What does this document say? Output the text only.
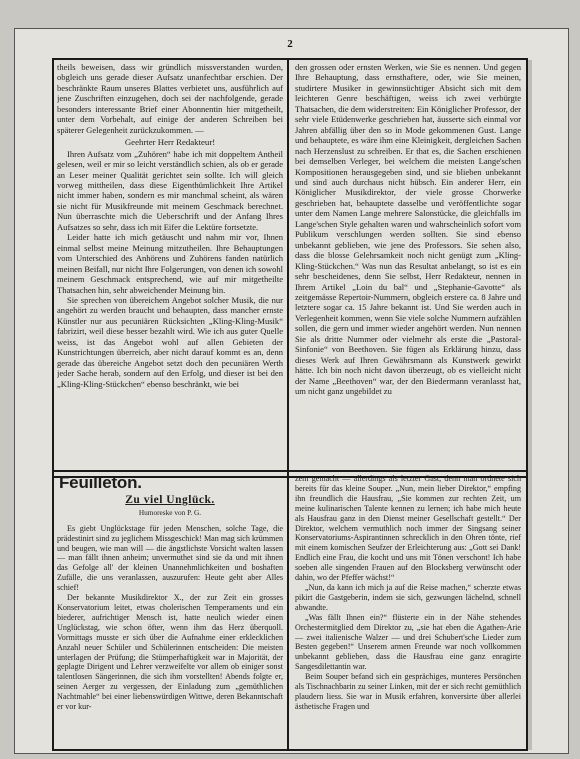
2

theils beweisen, dass wir gründlich missverstanden wurden, obgleich uns gerade dieser Aufsatz unanfechtbar erschien. Der beschränkte Raum unseres Blattes verbietet uns, ausführlich auf jene Zuschriften einzugehen, doch sei der nachfolgende, gerade besonders interessante Brief einer Abonnentin hier mitgetheilt, unter dem Vorbehalt, auf einige der anderen Schreiben bei späterer Gelegenheit zurückzukommen. —

Geehrter Herr Redakteur!

Ihren Aufsatz vom „Zuhören“ habe ich mit doppeltem Antheil gelesen, weil er mir so leicht verständlich schien, als ob er gerade an Leser meiner Qualität gerichtet sein sollte. Ich will gleich vorweg mittheilen, dass diese Eigenthümlichkeit Ihre Artikel nicht immer haben, sondern es mir manchmal scheint, als wären sie nicht für Musikfreunde mit meinem Geschmack berechnet. Nun überraschte mich die Ueberschrift und der Anfang Ihres Aufsatzes so sehr, dass ich mit Eifer die Lektüre fortsetzte.

Leider hatte ich mich getäuscht und nahm mir vor, Ihnen einmal selbst meine Meinung mitzutheilen. Ihre Behauptungen vom Unterschied des Anhörens und Zuhörens fanden natürlich meinen Beifall, nur nicht Ihre Folgerungen, von denen ich sowohl meinem Geschmack entsprechend, wie auf mir mitgetheilte Thatsachen hin, sehr abweichender Meinung bin.

Sie sprechen von übereichem Angebot solcher Musik, die nur angehört zu werden braucht und behaupten, dass mancher ernste Künstler nur aus pecuniären Rücksichten „Kling-Kling-Musik“ fabrizirt, weil diese besser bezahlt wird. Wie ich aus guter Quelle weiss, ist das Angebot wohl auf allen Gebieten der Kunstrichtungen überreich, aber nicht darauf kommt es an, denn gerade das übereiche Angebot setzt doch den pecuniären Werth jeder Sache herab, sondern auf den Erfolg, und dieser ist bei den „Kling-Kling-Stückchen“ ebenso beschränkt, wie bei

den grossen oder ernsten Werken, wie Sie es nennen. Und gegen Ihre Behauptung, dass ernsthaftere, oder, wie Sie meinen, studirtere Musiker in gewinnsüchtiger Absicht sich mit dem leichteren Genre beschäftigen, weiss ich zwei verbürgte Thatsachen, die dem widerstreiten: Ein Königlicher Professor, der sehr viele Etüdenwerke geschrieben hat, äusserte sich einmal vor Jahren abfällig über den so in Mode gekommenen Gust. Lange und behauptete, es wäre ihm eine Kleinigkeit, dergleichen Sachen nach Herzenslust zu schreiben. Er that es, die Sachen erschienen bei demselben Verleger, bei welchem die meisten Lange'schen Kompositionen herausgegeben sind, und sie blieben unbekannt und sind auch durchaus nicht hübsch. Ein anderer Herr, ein Königlicher Musikdirektor, der viele grosse Chorwerke geschrieben hat, behauptete dasselbe und veröffentlichte sogar unter dem Namen Lange mehrere Salonstücke, die gleichfalls im Lange'schen Style gehalten waren und wahrscheinlich sofort vom Publikum verschlungen werden sollten. Sie sind ebenso unbekannt geblieben, wie jene des Professors. Sie sehen also, dass die blosse Gelehrsamkeit noch nicht genügt zum „Kling-Kling-Stückchen.“ Was nun das Resultat anbelangt, so ist es ein sehr bescheidenes, denn Sie selbst, Herr Redakteur, nennen in Ihrem Artikel „Loin du bal“ und „Stephanie-Gavotte“ als zeitgemässe Repertoir-Nummern, obgleich erstere ca. 8 Jahre und letztere sogar ca. 15 Jahre bekannt ist. Und Sie werden auch in Verlegenheit kommen, wenn Sie viele solche Nummern aufzählen sollen, die gern und immer wieder angehört werden. Nun nennen Sie als dritte Nummer oder vielmehr als erste die „Pastoral-Sinfonie“ von Beethoven. Sie fügen als Erklärung hinzu, dass dieses Werk auf Ihren Gewährsmann als Kunstwerk gewirkt hätte. Ich bin noch nicht davon überzeugt, ob es vielleicht nicht der Name „Beethoven“ war, der den Biedermann veranlasst hat, um nicht ganz ungebildet zu

Feuilleton.

Zu viel Unglück.

Humoreske von P. G.

Es giebt Unglückstage für jeden Menschen, solche Tage, die prädestinirt sind zu jeglichem Missgeschick! Man mag sich krümmen und beugen, wie man will — die ängstlichste Vorsicht walten lassen — man fällt ihnen anheim; unvermuthet sind sie da und mit ihnen das Gefolge all' der kleinen Unannehmlichkeiten und boshaften Zufälle, die uns veranlassen, auszurufen: Heute geht aber Alles schief!

Der bekannte Musikdirektor X., der zur Zeit ein grosses Konservatorium leitet, etwas cholerischen Temperaments und ein biederer, aufrichtiger Mensch ist, hatte neulich wieder einen Unglückstag, wie schon öfter, wenn ihm das Herz überquoll. Vormittags musste er sich über die Aufnahme einer erklecklichen Anzahl neuer Schüler und Schülerinnen entscheiden: Die meisten unterlagen der Prüfung; die Stümperhaftigkeit war in Majorität, der geplagte Dirigent und Lehrer verzweifelte vor allem ob einiger sonst talentlosen Sängerinnen, die sich ihm vorstellten! Abends folgte er, seinen Aerger zu vergessen, der Einladung zum „gemüthlichen Nachtmahle“ bei einer liebenswürdigen Wittwe, deren Bekanntschaft er vor kur-

zem gemacht — allerdings als letzter Gast, denn man ordnete sich bereits für das kleine Souper. „Nun, mein lieber Direktor,“ empfing ihn freundlich die Hausfrau, „Sie kommen zur rechten Zeit, um meine kulinarischen Talente kennen zu lernen; ich habe mich heute als Hausfrau ganz in den Dienst meiner Gesellschaft gestellt.“ Der Direktor, welchem vermuthlich noch immer der Singsang seiner Konservatoriums-Aspirantinnen schrecklich in den Ohren tönte, rief mit einem komischen Seufzer der Erleichterung aus: „Gott sei Dank! Endlich eine Frau, die kocht und uns mit Tönen verschont! Ich habe soeben alle singenden Frauen auf den Blocksberg verwünscht oder dahin, wo der Pfeffer wächst!“

„Nun, da kann ich mich ja auf die Reise machen,“ scherzte etwas pikirt die Gastgeberin, indem sie sich, gezwungen lächelnd, schnell abwandte.

„Was fällt Ihnen ein?“ flüsterte ein in der Nähe stehendes Orchestermitglied dem Direktor zu, „sie hat eben die Agathen-Arie — zwei italienische Walzer — und drei Schubert'sche Lieder zum Besten gegeben!“ Unserem armen Freunde war noch vollkommen unbekannt geblieben, dass die Hausfrau eine ganz enragirte Sangesdilettantin war.

Beim Souper befand sich ein gesprächiges, munteres Persönchen als Tischnachbarin zu seiner Linken, mit der er sich recht gemüthlich plaudern liess. Sie war in Musik erfahren, konversirte über allerlei ästhetische Fragen und
